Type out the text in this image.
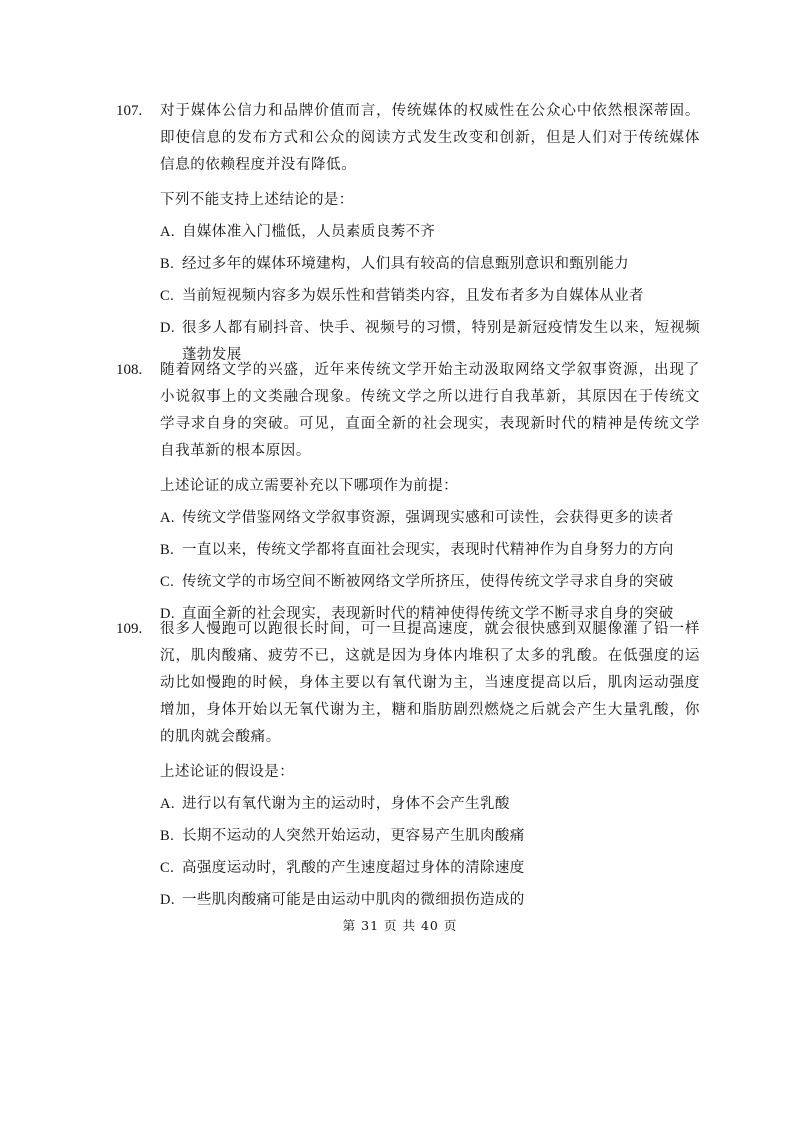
107.	对于媒体公信力和品牌价值而言，传统媒体的权威性在公众心中依然根深蒂固。即使信息的发布方式和公众的阅读方式发生改变和创新，但是人们对于传统媒体信息的依赖程度并没有降低。
下列不能支持上述结论的是：
A. 自媒体准入门槛低，人员素质良莠不齐
B. 经过多年的媒体环境建构，人们具有较高的信息甄别意识和甄别能力
C. 当前短视频内容多为娱乐性和营销类内容，且发布者多为自媒体从业者
D. 很多人都有刷抖音、快手、视频号的习惯，特别是新冠疫情发生以来，短视频蓬勃发展
108.	随着网络文学的兴盛，近年来传统文学开始主动汲取网络文学叙事资源，出现了小说叙事上的文类融合现象。传统文学之所以进行自我革新，其原因在于传统文学寻求自身的突破。可见，直面全新的社会现实，表现新时代的精神是传统文学自我革新的根本原因。
上述论证的成立需要补充以下哪项作为前提：
A. 传统文学借鉴网络文学叙事资源，强调现实感和可读性，会获得更多的读者
B. 一直以来，传统文学都将直面社会现实，表现时代精神作为自身努力的方向
C. 传统文学的市场空间不断被网络文学所挤压，使得传统文学寻求自身的突破
D. 直面全新的社会现实，表现新时代的精神使得传统文学不断寻求自身的突破
109.	很多人慢跑可以跑很长时间，可一旦提高速度，就会很快感到双腿像灌了铅一样沉，肌肉酸痛、疲劳不已，这就是因为身体内堆积了太多的乳酸。在低强度的运动比如慢跑的时候，身体主要以有氧代谢为主，当速度提高以后，肌肉运动强度增加，身体开始以无氧代谢为主，糖和脂肪剧烈燃烧之后就会产生大量乳酸，你的肌肉就会酸痛。
上述论证的假设是：
A. 进行以有氧代谢为主的运动时，身体不会产生乳酸
B. 长期不运动的人突然开始运动，更容易产生肌肉酸痛
C. 高强度运动时，乳酸的产生速度超过身体的清除速度
D. 一些肌肉酸痛可能是由运动中肌肉的微细损伤造成的
第 31 页 共 40 页
